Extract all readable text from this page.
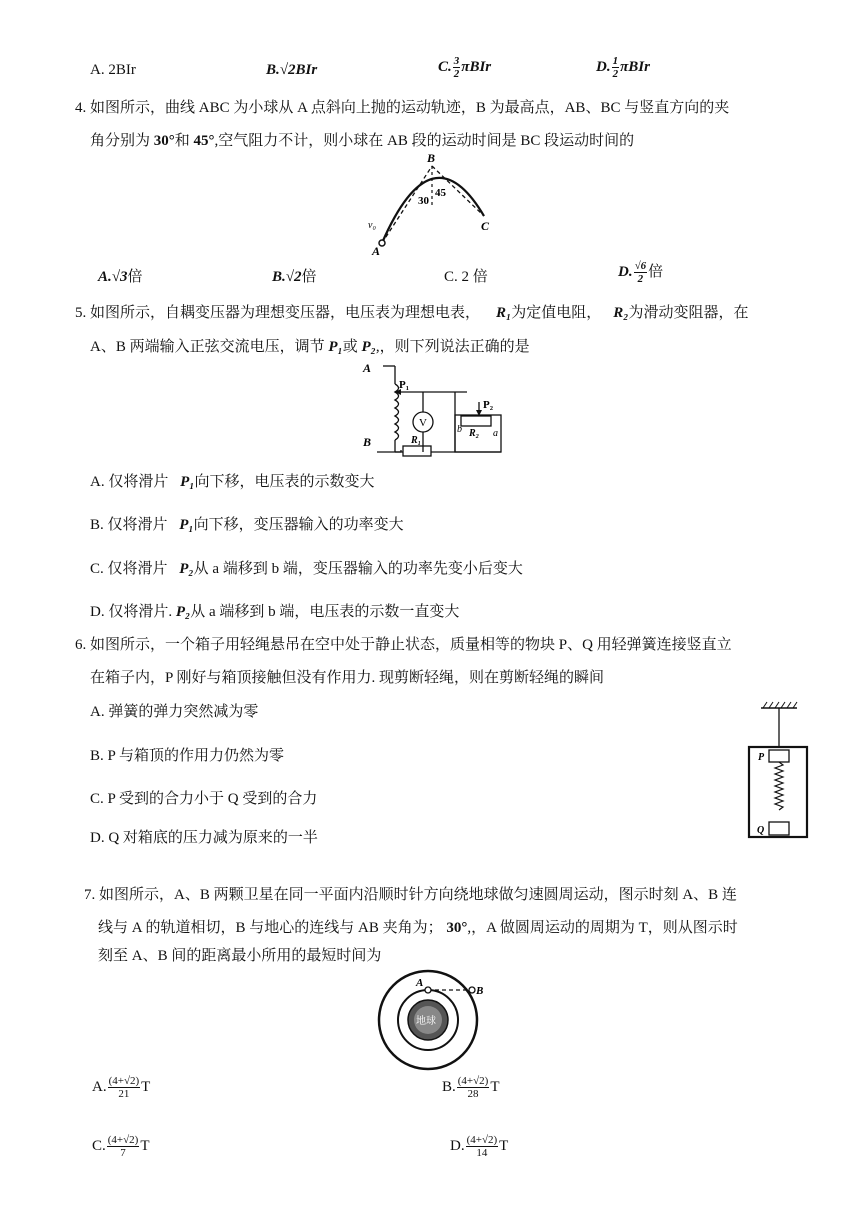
A. 2BIr	B.√2BIr	C. $\frac{3}{2}$ πBIr	D. $\frac{1}{2}$ πBIr
4. 如图所示，曲线 ABC 为小球从 A 点斜向上抛的运动轨迹，B 为最高点，AB、BC 与竖直方向的夹
角分别为 30°和 45°,空气阻力不计，则小球在 AB 段的运动时间是 BC 段运动时间的
B
A
C
v₀
30
45
A.√3倍	B.√2倍	C. 2 倍	D. $\frac{√6}{2}$ 倍
5. 如图所示，自耦变压器为理想变压器，电压表为理想电表， R₁为定值电阻， R₂为滑动变阻器，在
A、B 两端输入正弦交流电压，调节 P₁或 P₂,，则下列说法正确的是
A
B
P₁
P₂
V
R₁
R₂
b	a
A. 仅将滑片 P₁向下移，电压表的示数变大
B. 仅将滑片 P₁向下移，变压器输入的功率变大
C. 仅将滑片 P₂从 a 端移到 b 端，变压器输入的功率先变小后变大
D. 仅将滑片. P₂从 a 端移到 b 端，电压表的示数一直变大
6. 如图所示，一个箱子用轻绳悬吊在空中处于静止状态，质量相等的物块 P、Q 用轻弹簧连接竖直立
在箱子内，P 刚好与箱顶接触但没有作用力. 现剪断轻绳，则在剪断轻绳的瞬间
A. 弹簧的弹力突然减为零
B. P 与箱顶的作用力仍然为零
C. P 受到的合力小于 Q 受到的合力
D. Q 对箱底的压力减为原来的一半
P
Q
7. 如图所示，A、B 两颗卫星在同一平面内沿顺时针方向绕地球做匀速圆周运动，图示时刻 A、B 连
线与 A 的轨道相切，B 与地心的连线与 AB 夹角为； 30°,，A 做圆周运动的周期为 T，则从图示时
刻至 A、B 间的距离最小所用的最短时间为
地球
A
B
A. $\frac{(4+√2)}{21}$ T	B. $\frac{(4+√2)}{28}$ T
C. $\frac{(4+√2)}{7}$ T	D. $\frac{(4+√2)}{14}$ T
